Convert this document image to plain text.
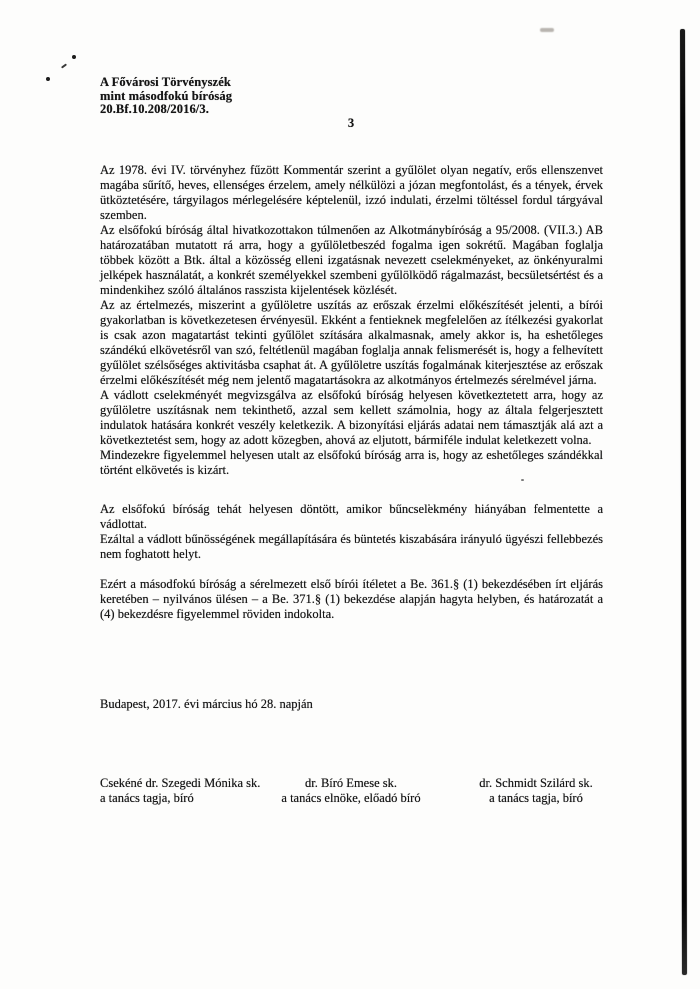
A Fővárosi Törvényszék
mint másodfokú bíróság
20.Bf.10.208/2016/3.
3

Az 1978. évi IV. törvényhez fűzött Kommentár szerint a gyűlölet olyan negatív, erős ellenszenvet magába sűrítő, heves, ellenséges érzelem, amely nélkülözi a józan megfontolást, és a tények, érvek ütköztetésére, tárgyilagos mérlegelésére képtelenül, izzó indulati, érzelmi töltéssel fordul tárgyával szemben.

Az elsőfokú bíróság által hivatkozottakon túlmenően az Alkotmánybíróság a 95/2008. (VII.3.) AB határozatában mutatott rá arra, hogy a gyűlöletbeszéd fogalma igen sokrétű. Magában foglalja többek között a Btk. által a közösség elleni izgatásnak nevezett cselekményeket, az önkényuralmi jelképek használatát, a konkrét személyekkel szembeni gyűlölködő rágalmazást, becsületsértést és a mindenkihez szóló általános rasszista kijelentések közlését.

Az az értelmezés, miszerint a gyűlöletre uszítás az erőszak érzelmi előkészítését jelenti, a bírói gyakorlatban is következetesen érvényesül. Ekként a fentieknek megfelelően az ítélkezési gyakorlat is csak azon magatartást tekinti gyűlölet szítására alkalmasnak, amely akkor is, ha eshetőleges szándékú elkövetésről van szó, feltétlenül magában foglalja annak felismerését is, hogy a felhevített gyűlölet szélsőséges aktivitásba csaphat át. A gyűlöletre uszítás fogalmának kiterjesztése az erőszak érzelmi előkészítését még nem jelentő magatartásokra az alkotmányos értelmezés sérelmével járna.

A vádlott cselekményét megvizsgálva az elsőfokú bíróság helyesen következtetett arra, hogy az gyűlöletre uszításnak nem tekinthető, azzal sem kellett számolnia, hogy az általa felgerjesztett indulatok hatására konkrét veszély keletkezik. A bizonyítási eljárás adatai nem támasztják alá azt a következtetést sem, hogy az adott közegben, ahová az eljutott, bármiféle indulat keletkezett volna.

Mindezekre figyelemmel helyesen utalt az elsőfokú bíróság arra is, hogy az eshetőleges szándékkal történt elkövetés is kizárt.

Az elsőfokú bíróság tehát helyesen döntött, amikor bűncselekmény hiányában felmentette a vádlottat.

Ezáltal a vádlott bűnösségének megállapítására és büntetés kiszabására irányuló ügyészi fellebbezés nem foghatott helyt.

Ezért a másodfokú bíróság a sérelmezett első bírói ítéletet a Be. 361.§ (1) bekezdésében írt eljárás keretében – nyilvános ülésen – a Be. 371.§ (1) bekezdése alapján hagyta helyben, és határozatát a (4) bekezdésre figyelemmel röviden indokolta.

Budapest, 2017. évi március hó 28. napján
Csekéné dr. Szegedi Mónika sk.
a tanács tagja, bíró
dr. Bíró Emese sk.
a tanács elnöke, előadó bíró
dr. Schmidt Szilárd sk.
a tanács tagja, bíró
